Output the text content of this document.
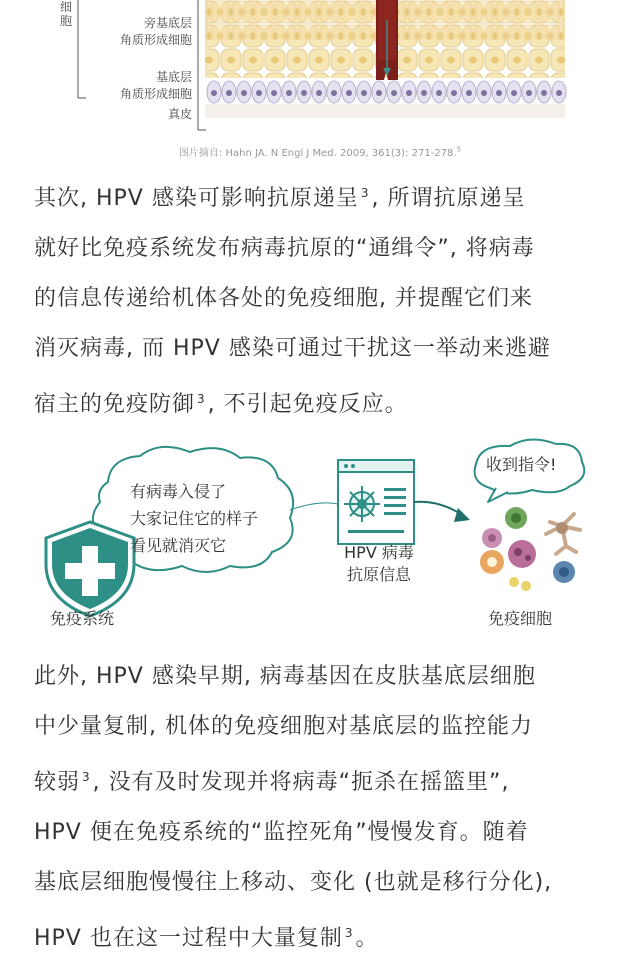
细胞	旁基底层
角质形成细胞
基底层
角质形成细胞
真皮
图片摘自: Hahn JA. N Engl J Med. 2009, 361(3): 271-278.$^5$
其次, HPV 感染可影响抗原递呈 $^3$, 所谓抗原递呈
就好比免疫系统发布病毒抗原的“通缉令”, 将病毒
的信息传递给机体各处的免疫细胞, 并提醒它们来
消灭病毒, 而 HPV 感染可通过干扰这一举动来逃避
宿主的免疫防御 $^3$, 不引起免疫反应。
有病毒入侵了
大家记住它的样子
看见就消灭它
免疫系统
HPV 病毒
抗原信息
收到指令!
免疫细胞
此外, HPV 感染早期, 病毒基因在皮肤基底层细胞
中少量复制, 机体的免疫细胞对基底层的监控能力
较弱 $^3$, 没有及时发现并将病毒“扼杀在摇篮里”,
HPV 便在免疫系统的“监控死角”慢慢发育。随着
基底层细胞慢慢往上移动、变化 (也就是移行分化),
HPV 也在这一过程中大量复制 $^3$。
